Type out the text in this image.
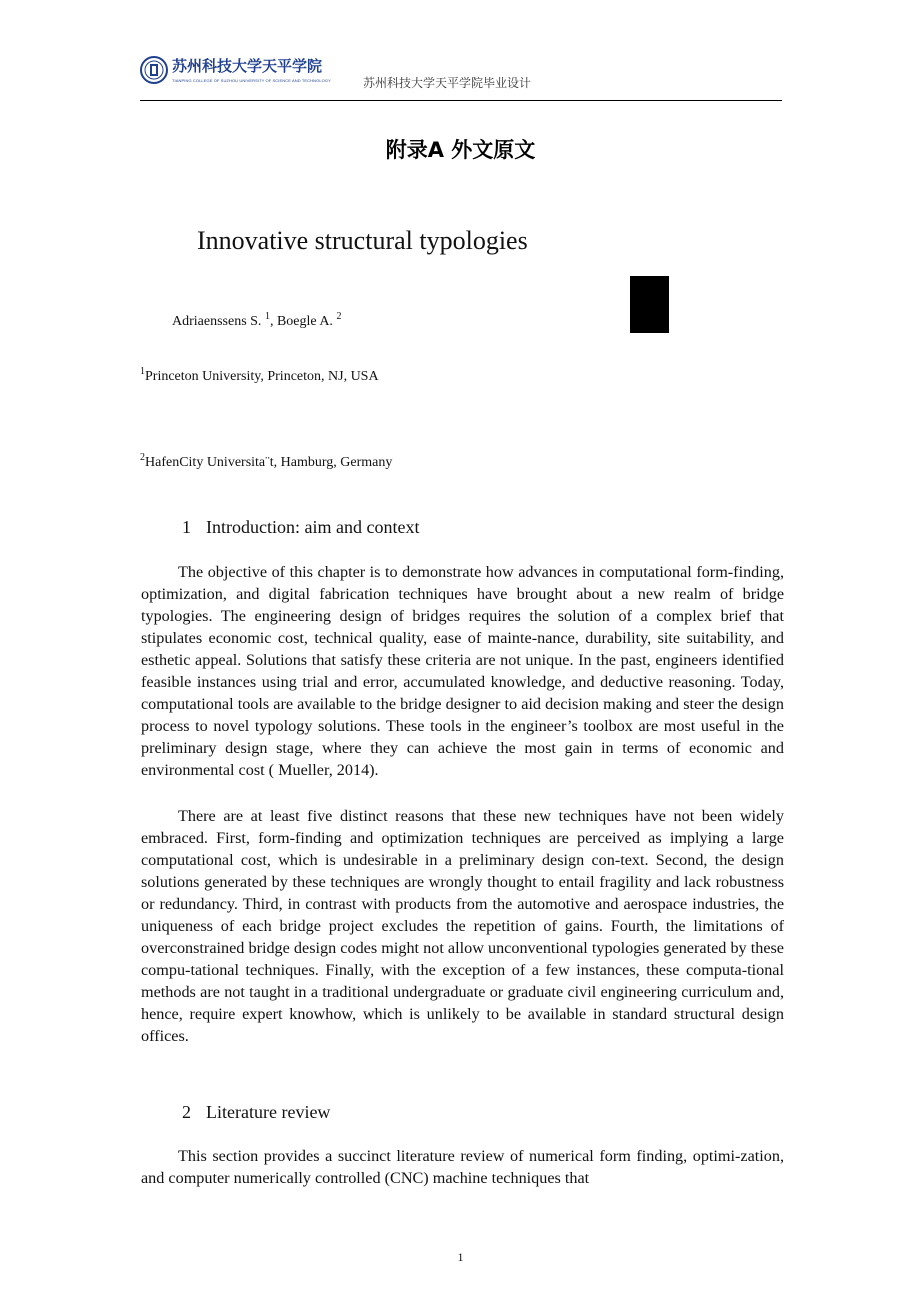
苏州科技大学天平学院
TIANPING COLLEGE OF SUZHOU UNIVERSITY OF SCIENCE AND TECHNOLOGY	苏州科技大学天平学院毕业设计
附录A 外文原文
Innovative structural typologies
Adriaenssens S. $^1$, Boegle A. $^2$
$^1$Princeton University, Princeton, NJ, USA
$^2$HafenCity Universita¨t, Hamburg, Germany
1 Introduction: aim and context

The objective of this chapter is to demonstrate how advances in computational form-finding, optimization, and digital fabrication techniques have brought about a new realm of bridge typologies. The engineering design of bridges requires the solution of a complex brief that stipulates economic cost, technical quality, ease of mainte-nance, durability, site suitability, and esthetic appeal. Solutions that satisfy these criteria are not unique. In the past, engineers identified feasible instances using trial and error, accumulated knowledge, and deductive reasoning. Today, computational tools are available to the bridge designer to aid decision making and steer the design process to novel typology solutions. These tools in the engineer’s toolbox are most useful in the preliminary design stage, where they can achieve the most gain in terms of economic and environmental cost ( Mueller, 2014).

There are at least five distinct reasons that these new techniques have not been widely embraced. First, form-finding and optimization techniques are perceived as implying a large computational cost, which is undesirable in a preliminary design con-text. Second, the design solutions generated by these techniques are wrongly thought to entail fragility and lack robustness or redundancy. Third, in contrast with products from the automotive and aerospace industries, the uniqueness of each bridge project excludes the repetition of gains. Fourth, the limitations of overconstrained bridge design codes might not allow unconventional typologies generated by these compu-tational techniques. Finally, with the exception of a few instances, these computa-tional methods are not taught in a traditional undergraduate or graduate civil engineering curriculum and, hence, require expert knowhow, which is unlikely to be available in standard structural design offices.

2 Literature review

This section provides a succinct literature review of numerical form finding, optimi-zation, and computer numerically controlled (CNC) machine techniques that

1
